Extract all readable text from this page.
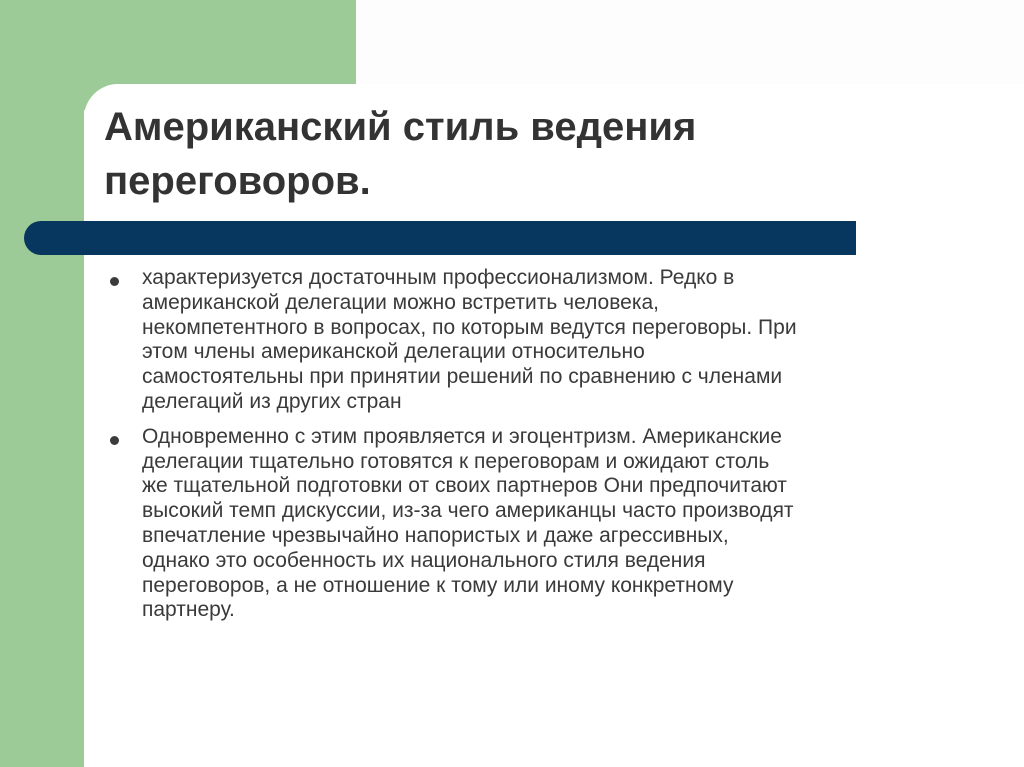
Американский стиль ведения
переговоров.
характеризуется достаточным профессионализмом. Редко в
американской делегации можно встретить человека,
некомпетентного в вопросах, по которым ведутся переговоры. При
этом члены американской делегации относительно
самостоятельны при принятии решений по сравнению с членами
делегаций из других стран
Одновременно с этим проявляется и эгоцентризм. Американские
делегации тщательно готовятся к переговорам и ожидают столь
же тщательной подготовки от своих партнеров Они предпочитают
высокий темп дискуссии, из-за чего американцы часто производят
впечатление чрезвычайно напористых и даже агрессивных,
однако это особенность их национального стиля ведения
переговоров, а не отношение к тому или иному конкретному
партнеру.
